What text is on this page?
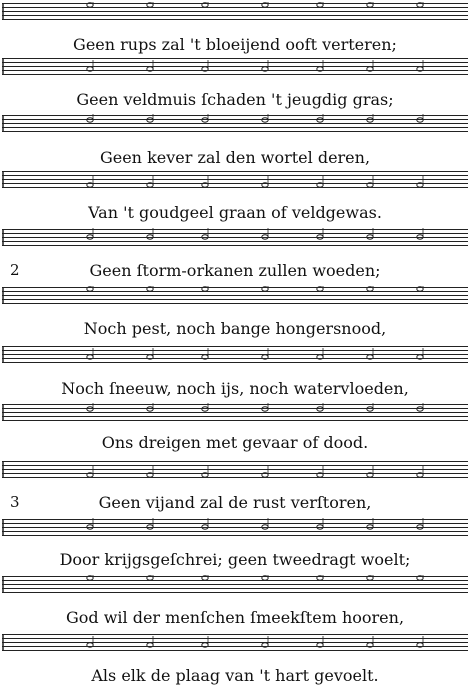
Geen rups zal 't bloeijend ooft verteren;
Geen veldmuis ſchaden 't jeugdig gras;
Geen kever zal den wortel deren,
Van 't goudgeel graan of veldgewas.
2	Geen ſtorm-orkanen zullen woeden;
Noch pest, noch bange hongersnood,
Noch ſneeuw, noch ijs, noch watervloeden,
Ons dreigen met gevaar of dood.
3	Geen vijand zal de rust verſtoren,
Door krijgsgeſchrei; geen tweedragt woelt;
God wil der menſchen ſmeekſtem hooren,
Als elk de plaag van 't hart gevoelt.
